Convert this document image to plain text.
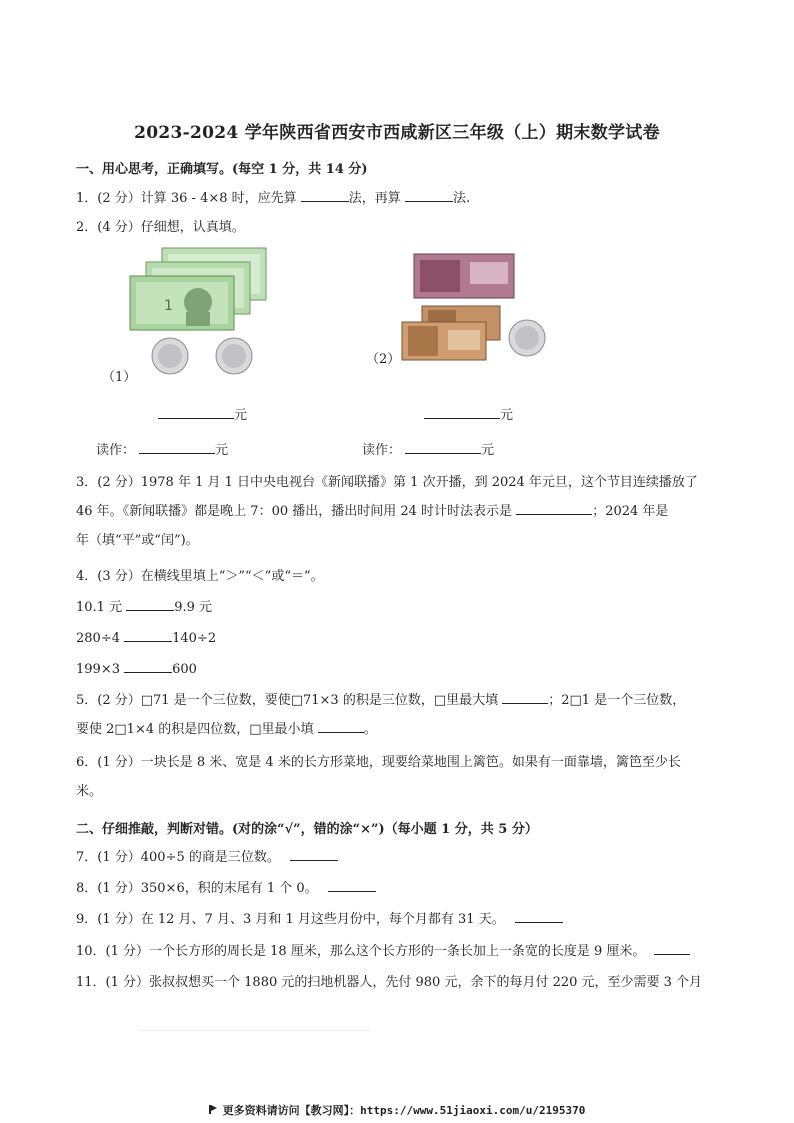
2023-2024 学年陕西省西安市西咸新区三年级（上）期末数学试卷
一、用心思考，正确填写。(每空 1 分，共 14 分)
1．(2 分）计算 36 - 4×8 时，应先算	法，再算	法.
2．(4 分）仔细想，认真填。
1
（1）
（2）
元	元
读作：	元	读作：	元
3．(2 分）1978 年 1 月 1 日中央电视台《新闻联播》第 1 次开播，到 2024 年元旦，这个节目连续播放了
46 年。《新闻联播》都是晚上 7：00 播出，播出时间用 24 时计时法表示是	；2024 年是
年（填“平”或“闰”)。
4．(3 分）在横线里填上“＞”“＜”或“＝”。
10.1 元	9.9 元
280÷4	140÷2
199×3	600
5．(2 分）□71 是一个三位数，要使□71×3 的积是三位数，□里最大填	；2□1 是一个三位数，
要使 2□1×4 的积是四位数，□里最小填	。
6．(1 分）一块长是 8 米、宽是 4 米的长方形菜地，现要给菜地围上篱笆。如果有一面靠墙，篱笆至少长
米。
二、仔细推敲，判断对错。(对的涂“√”，错的涂“×”)（每小题 1 分，共 5 分）
7．(1 分）400÷5 的商是三位数。
8．(1 分）350×6，积的末尾有 1 个 0。
9．(1 分）在 12 月、7 月、3 月和 1 月这些月份中，每个月都有 31 天。
10．(1 分）一个长方形的周长是 18 厘米，那么这个长方形的一条长加上一条宽的长度是 9 厘米。
11．(1 分）张叔叔想买一个 1880 元的扫地机器人，先付 980 元，余下的每月付 220 元，至少需要 3 个月
更多资料请访问【教习网】：https://www.51jiaoxi.com/u/2195370
